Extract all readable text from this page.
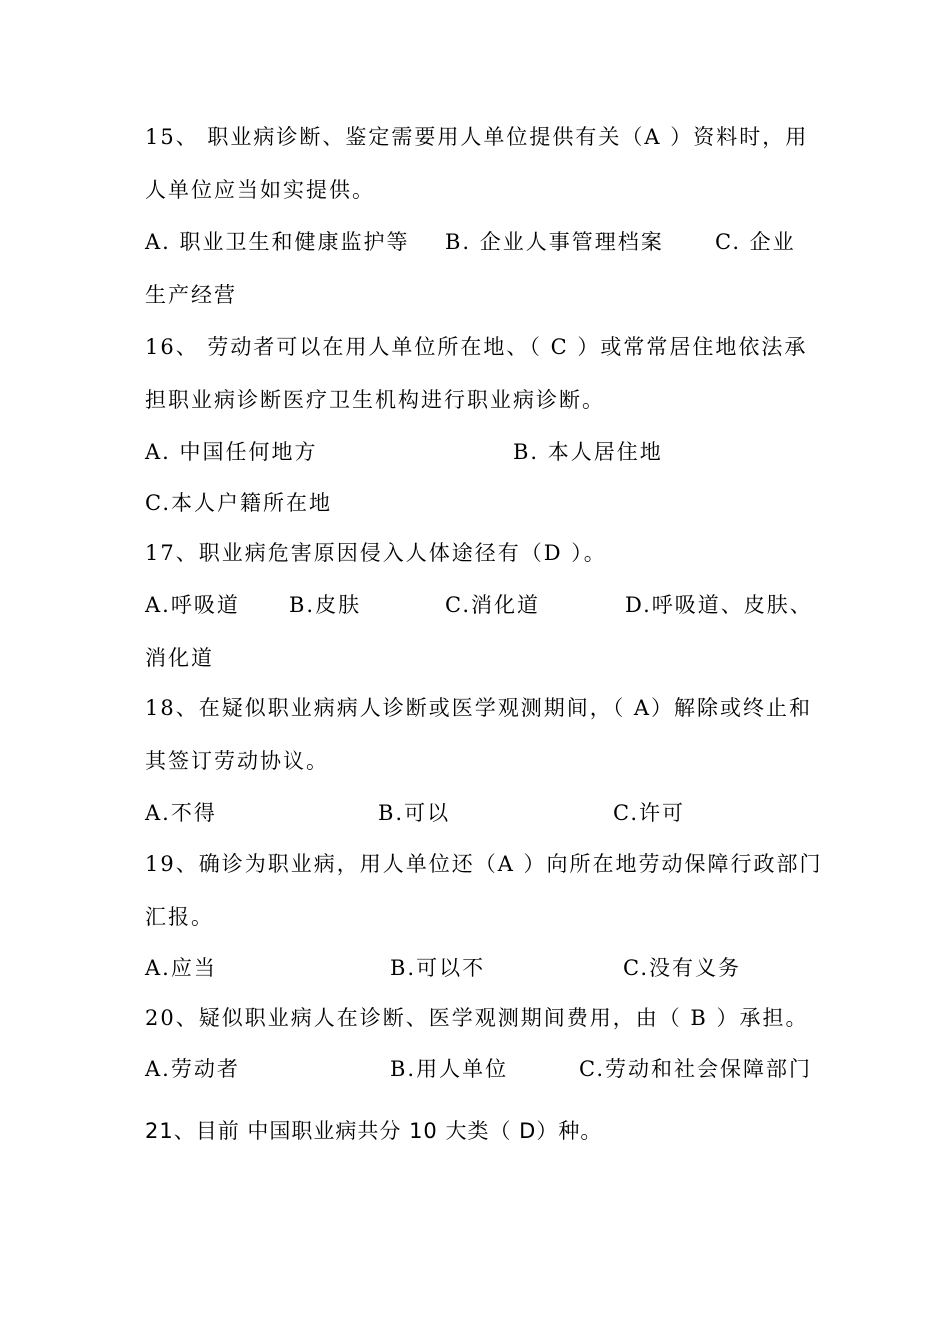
15、 职业病诊断、鉴定需要用人单位提供有关（A ）资料时，用
人单位应当如实提供。
A. 职业卫生和健康监护等 B. 企业人事管理档案 C. 企业
生产经营
16、 劳动者可以在用人单位所在地、（ C ）或常常居住地依法承
担职业病诊断医疗卫生机构进行职业病诊断。
A. 中国任何地方	B. 本人居住地
C.本人户籍所在地
17、职业病危害原因侵入人体途径有（D ）。
A.呼吸道 B.皮肤	C.消化道	D.呼吸道、皮肤、
消化道
18、在疑似职业病病人诊断或医学观测期间，（ A）解除或终止和
其签订劳动协议。
A.不得	B.可以	C.许可
19、确诊为职业病，用人单位还（A ）向所在地劳动保障行政部门
汇报。
A.应当	B.可以不	C.没有义务
20、疑似职业病人在诊断、医学观测期间费用，由（ B ）承担。
A.劳动者	B.用人单位	C.劳动和社会保障部门
21、目前 中国职业病共分 10 大类（ D）种。
